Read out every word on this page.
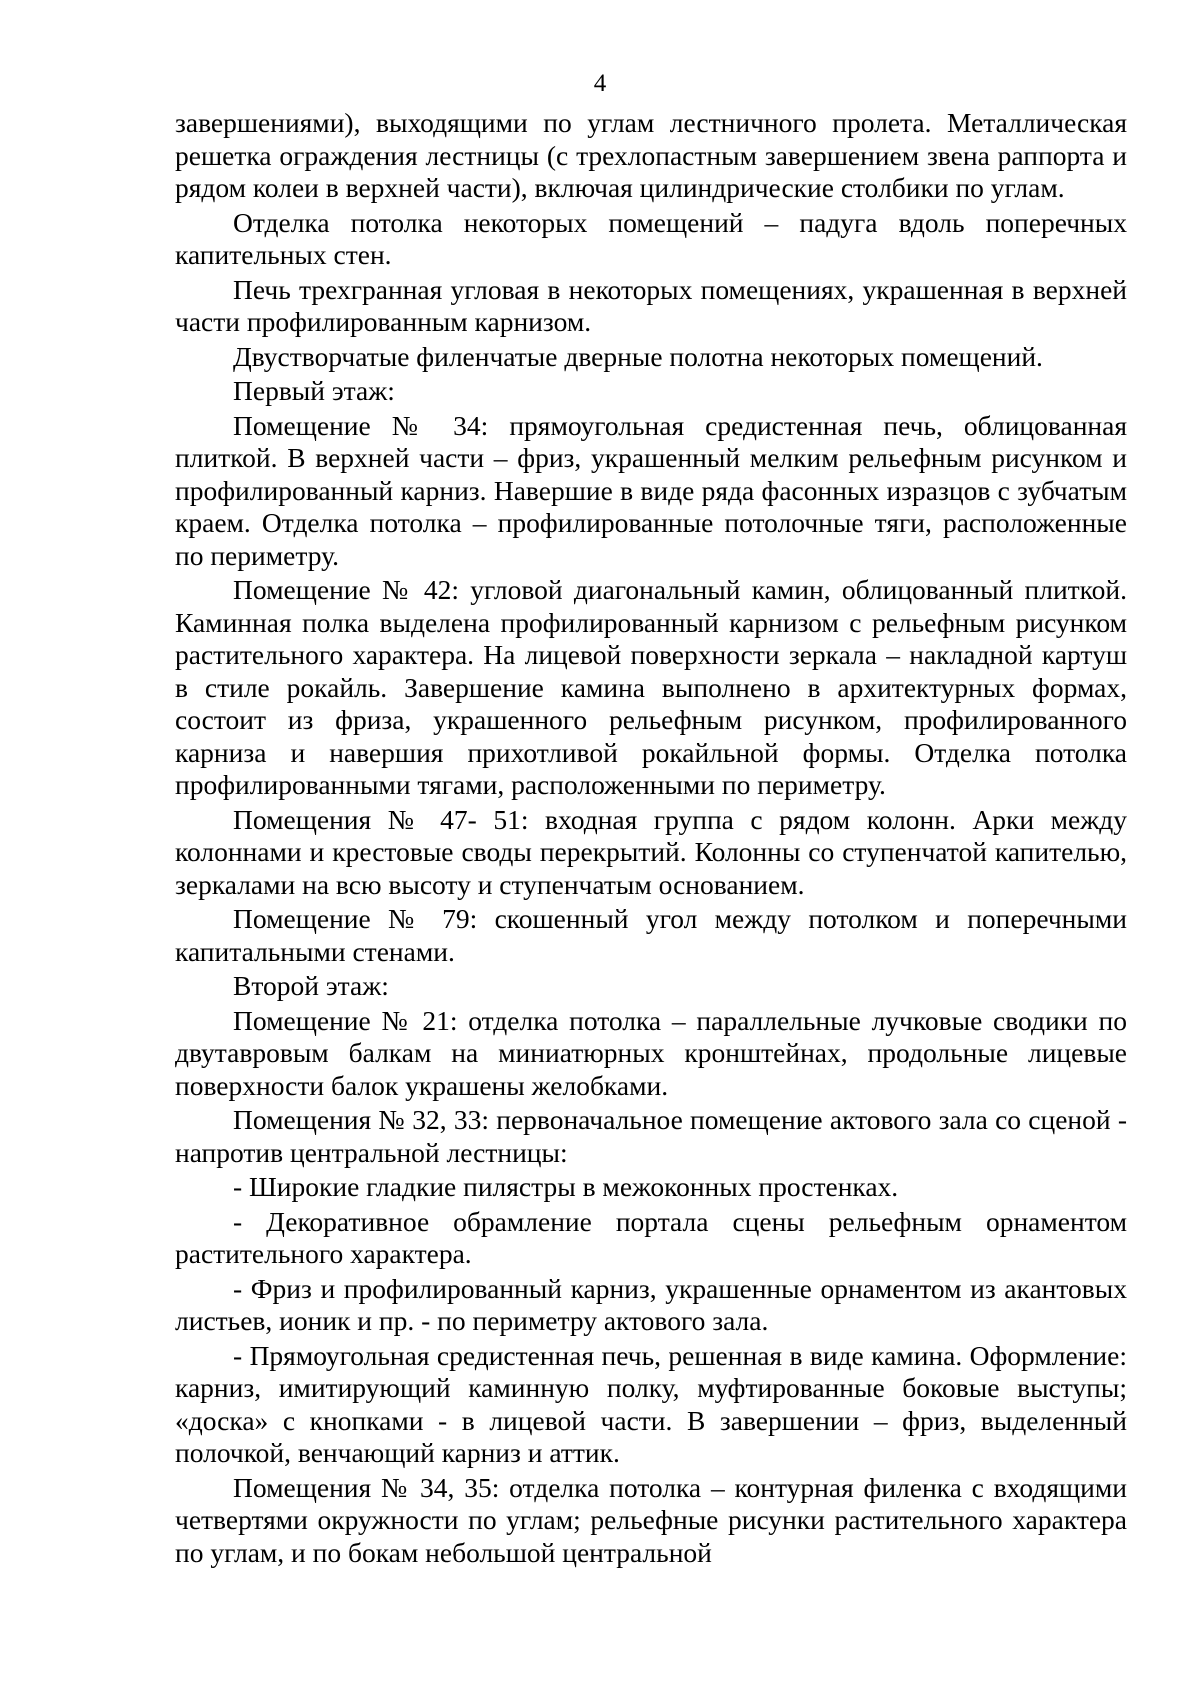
4

завершениями), выходящими по углам лестничного пролета. Металлическая решетка ограждения лестницы (с трехлопастным завершением звена раппорта и рядом колеи в верхней части), включая цилиндрические столбики по углам.

Отделка потолка некоторых помещений – падуга вдоль поперечных капительных стен.

Печь трехгранная угловая в некоторых помещениях, украшенная в верхней части профилированным карнизом.

Двустворчатые филенчатые дверные полотна некоторых помещений.

Первый этаж:

Помещение № 34: прямоугольная средистенная печь, облицованная плиткой. В верхней части – фриз, украшенный мелким рельефным рисунком и профилированный карниз. Навершие в виде ряда фасонных изразцов с зубчатым краем. Отделка потолка – профилированные потолочные тяги, расположенные по периметру.

Помещение № 42: угловой диагональный камин, облицованный плиткой. Каминная полка выделена профилированный карнизом с рельефным рисунком растительного характера. На лицевой поверхности зеркала – накладной картуш в стиле рокайль. Завершение камина выполнено в архитектурных формах, состоит из фриза, украшенного рельефным рисунком, профилированного карниза и навершия прихотливой рокайльной формы. Отделка потолка профилированными тягами, расположенными по периметру.

Помещения № 47- 51: входная группа с рядом колонн. Арки между колоннами и крестовые своды перекрытий. Колонны со ступенчатой капителью, зеркалами на всю высоту и ступенчатым основанием.

Помещение № 79: скошенный угол между потолком и поперечными капитальными стенами.

Второй этаж:

Помещение № 21: отделка потолка – параллельные лучковые сводики по двутавровым балкам на миниатюрных кронштейнах, продольные лицевые поверхности балок украшены желобками.

Помещения № 32, 33: первоначальное помещение актового зала со сценой - напротив центральной лестницы:

- Широкие гладкие пилястры в межоконных простенках.

- Декоративное обрамление портала сцены рельефным орнаментом растительного характера.

- Фриз и профилированный карниз, украшенные орнаментом из акантовых листьев, ионик и пр. - по периметру актового зала.

- Прямоугольная средистенная печь, решенная в виде камина. Оформление: карниз, имитирующий каминную полку, муфтированные боковые выступы; «доска» с кнопками - в лицевой части. В завершении – фриз, выделенный полочкой, венчающий карниз и аттик.

Помещения № 34, 35: отделка потолка – контурная филенка с входящими четвертями окружности по углам; рельефные рисунки растительного характера по углам, и по бокам небольшой центральной
